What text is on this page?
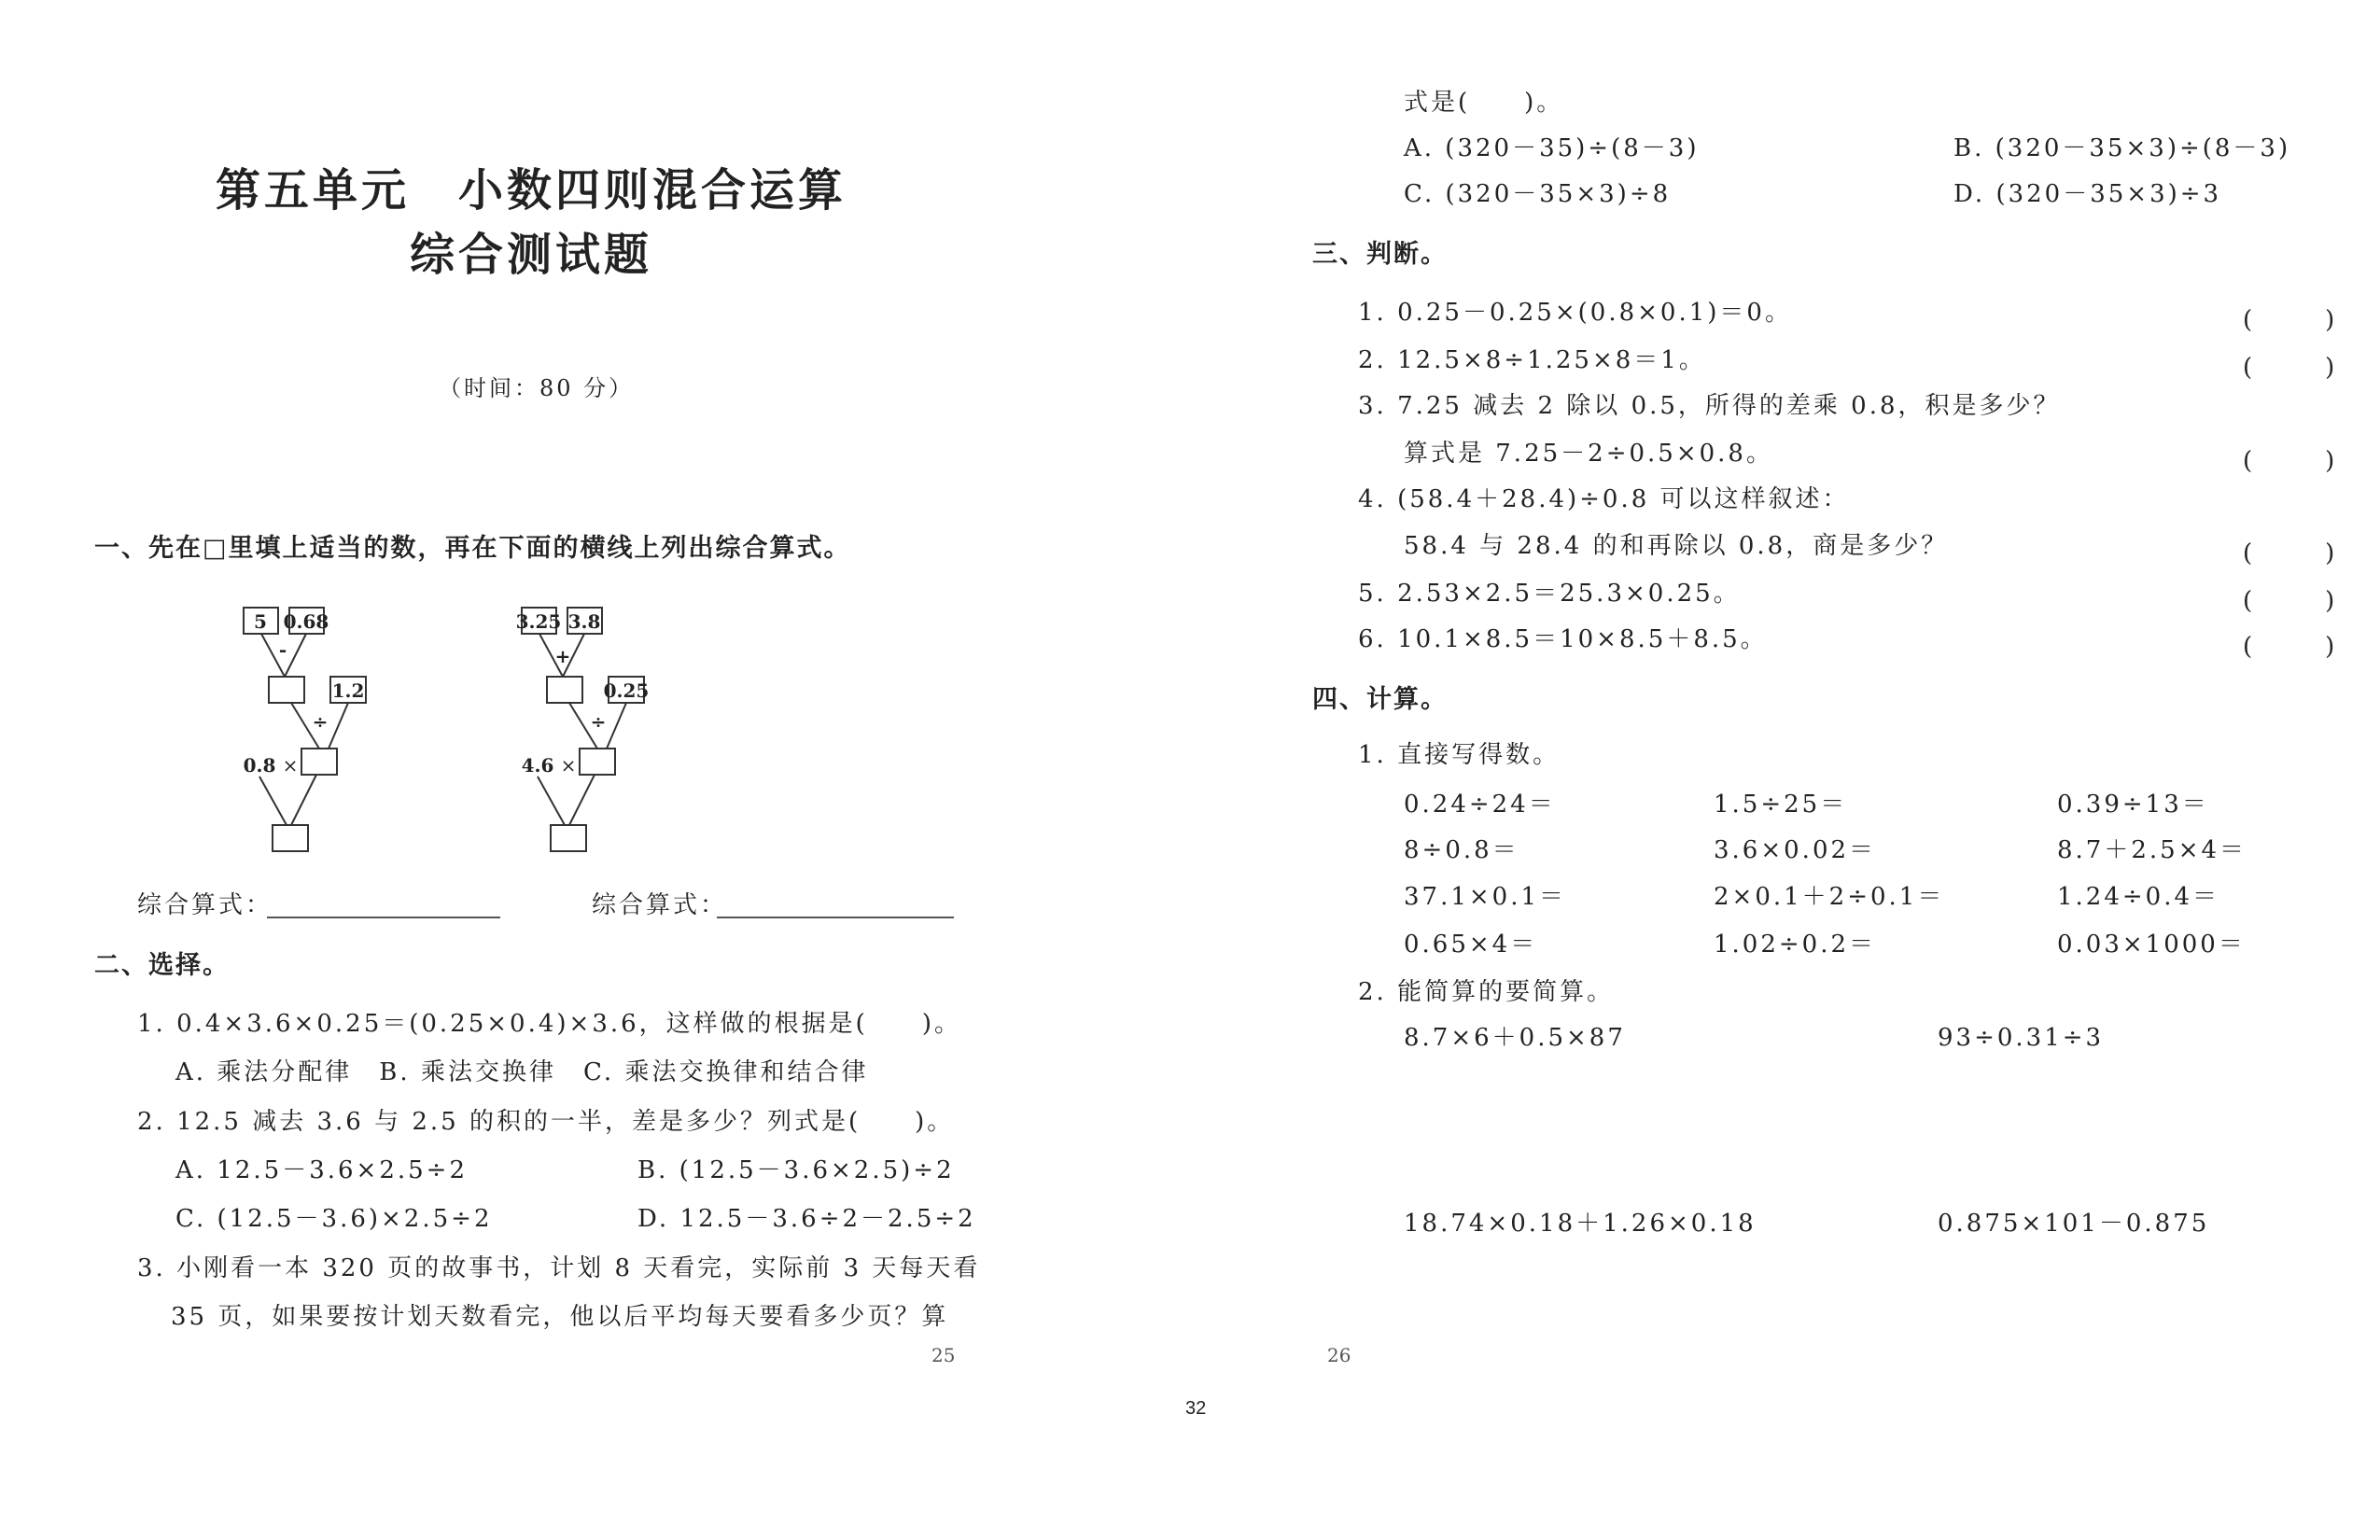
第五单元　小数四则混合运算
综合测试题
（时间：80 分）
一、先在□里填上适当的数，再在下面的横线上列出综合算式。
5 0.68
-
1.2
÷
0.8 ×
3.25 3.8
+
0.25
÷
4.6 ×
综合算式：	综合算式：
二、选择。
1. 0.4×3.6×0.25＝(0.25×0.4)×3.6，这样做的根据是(　　)。
A. 乘法分配律　B. 乘法交换律　C. 乘法交换律和结合律
2. 12.5 减去 3.6 与 2.5 的积的一半，差是多少？列式是(　　)。
A. 12.5－3.6×2.5÷2	B. (12.5－3.6×2.5)÷2
C. (12.5－3.6)×2.5÷2	D. 12.5－3.6÷2－2.5÷2
3. 小刚看一本 320 页的故事书，计划 8 天看完，实际前 3 天每天看
35 页，如果要按计划天数看完，他以后平均每天要看多少页？算
25
式是(　　)。
A. (320－35)÷(8－3)	B. (320－35×3)÷(8－3)
C. (320－35×3)÷8	D. (320－35×3)÷3
三、判断。
1. 0.25－0.25×(0.8×0.1)＝0。	(　　　)
2. 12.5×8÷1.25×8＝1。	(　　　)
3. 7.25 减去 2 除以 0.5，所得的差乘 0.8，积是多少？
算式是 7.25－2÷0.5×0.8。	(　　　)
4. (58.4＋28.4)÷0.8 可以这样叙述：
58.4 与 28.4 的和再除以 0.8，商是多少？	(　　　)
5. 2.53×2.5＝25.3×0.25。	(　　　)
6. 10.1×8.5＝10×8.5＋8.5。	(　　　)
四、计算。
1. 直接写得数。
0.24÷24＝	1.5÷25＝	0.39÷13＝
8÷0.8＝	3.6×0.02＝	8.7＋2.5×4＝
37.1×0.1＝	2×0.1＋2÷0.1＝	1.24÷0.4＝
0.65×4＝	1.02÷0.2＝	0.03×1000＝
2. 能简算的要简算。
8.7×6＋0.5×87	93÷0.31÷3
18.74×0.18＋1.26×0.18	0.875×101－0.875
26
32
